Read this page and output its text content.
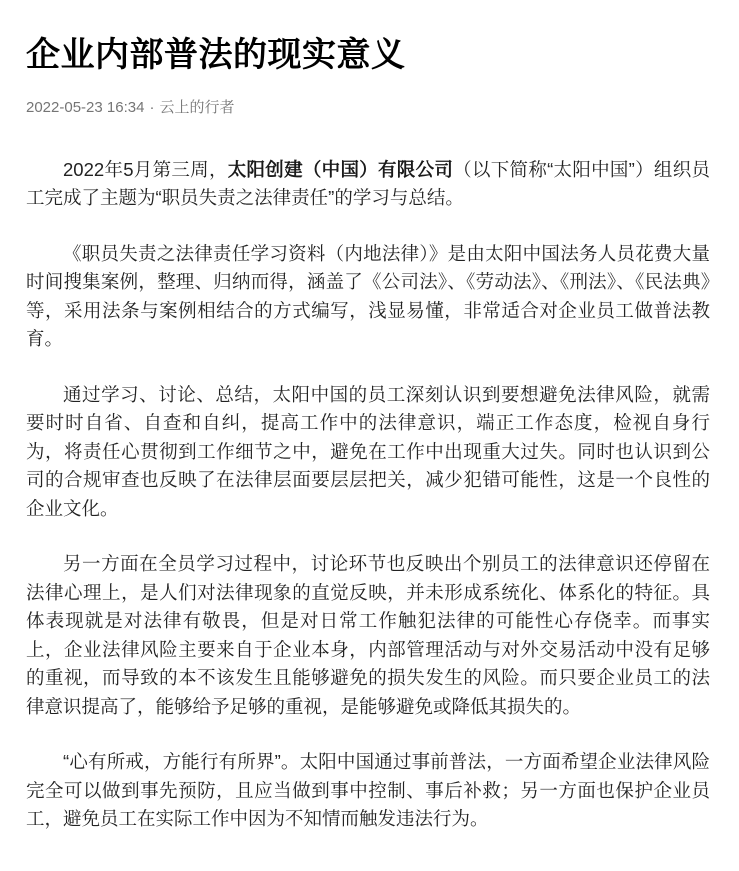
企业内部普法的现实意义
2022-05-23 16:34 · 云上的行者

2022年5月第三周，太阳创建（中国）有限公司（以下简称“太阳中国”）组织员工完成了主题为“职员失责之法律责任”的学习与总结。

《职员失责之法律责任学习资料（内地法律）》是由太阳中国法务人员花费大量时间搜集案例，整理、归纳而得，涵盖了《公司法》、《劳动法》、《刑法》、《民法典》等，采用法条与案例相结合的方式编写，浅显易懂，非常适合对企业员工做普法教育。

通过学习、讨论、总结，太阳中国的员工深刻认识到要想避免法律风险，就需要时时自省、自查和自纠，提高工作中的法律意识，端正工作态度，检视自身行为，将责任心贯彻到工作细节之中，避免在工作中出现重大过失。同时也认识到公司的合规审查也反映了在法律层面要层层把关，减少犯错可能性，这是一个良性的企业文化。

另一方面在全员学习过程中，讨论环节也反映出个别员工的法律意识还停留在法律心理上，是人们对法律现象的直觉反映，并未形成系统化、体系化的特征。具体表现就是对法律有敬畏，但是对日常工作触犯法律的可能性心存侥幸。而事实上，企业法律风险主要来自于企业本身，内部管理活动与对外交易活动中没有足够的重视，而导致的本不该发生且能够避免的损失发生的风险。而只要企业员工的法律意识提高了，能够给予足够的重视，是能够避免或降低其损失的。

“心有所戒，方能行有所界”。太阳中国通过事前普法，一方面希望企业法律风险完全可以做到事先预防，且应当做到事中控制、事后补救；另一方面也保护企业员工，避免员工在实际工作中因为不知情而触发违法行为。
